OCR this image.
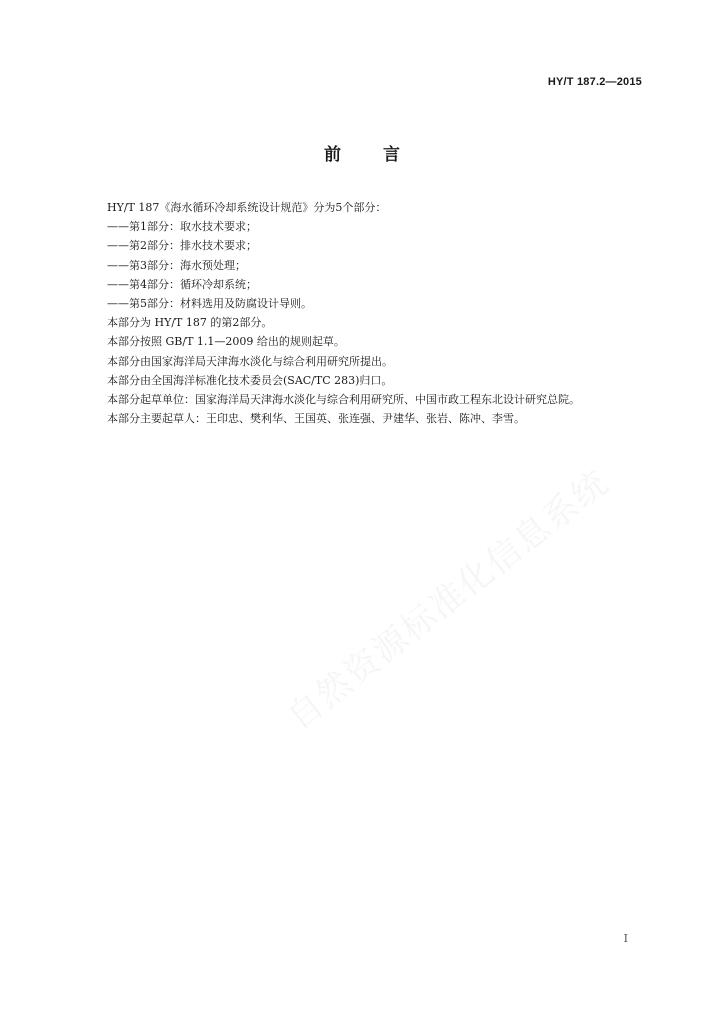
HY/T 187.2—2015
前 言

HY/T 187《海水循环冷却系统设计规范》分为5个部分：

——第1部分：取水技术要求；

——第2部分：排水技术要求；

——第3部分：海水预处理；

——第4部分：循环冷却系统；

——第5部分：材料选用及防腐设计导则。

本部分为 HY/T 187 的第2部分。

本部分按照 GB/T 1.1—2009 给出的规则起草。

本部分由国家海洋局天津海水淡化与综合利用研究所提出。

本部分由全国海洋标准化技术委员会(SAC/TC 283)归口。

本部分起草单位：国家海洋局天津海水淡化与综合利用研究所、中国市政工程东北设计研究总院。

本部分主要起草人：王印忠、樊利华、王国英、张连强、尹建华、张岩、陈冲、李雪。

自然资源标准化信息系统
I
